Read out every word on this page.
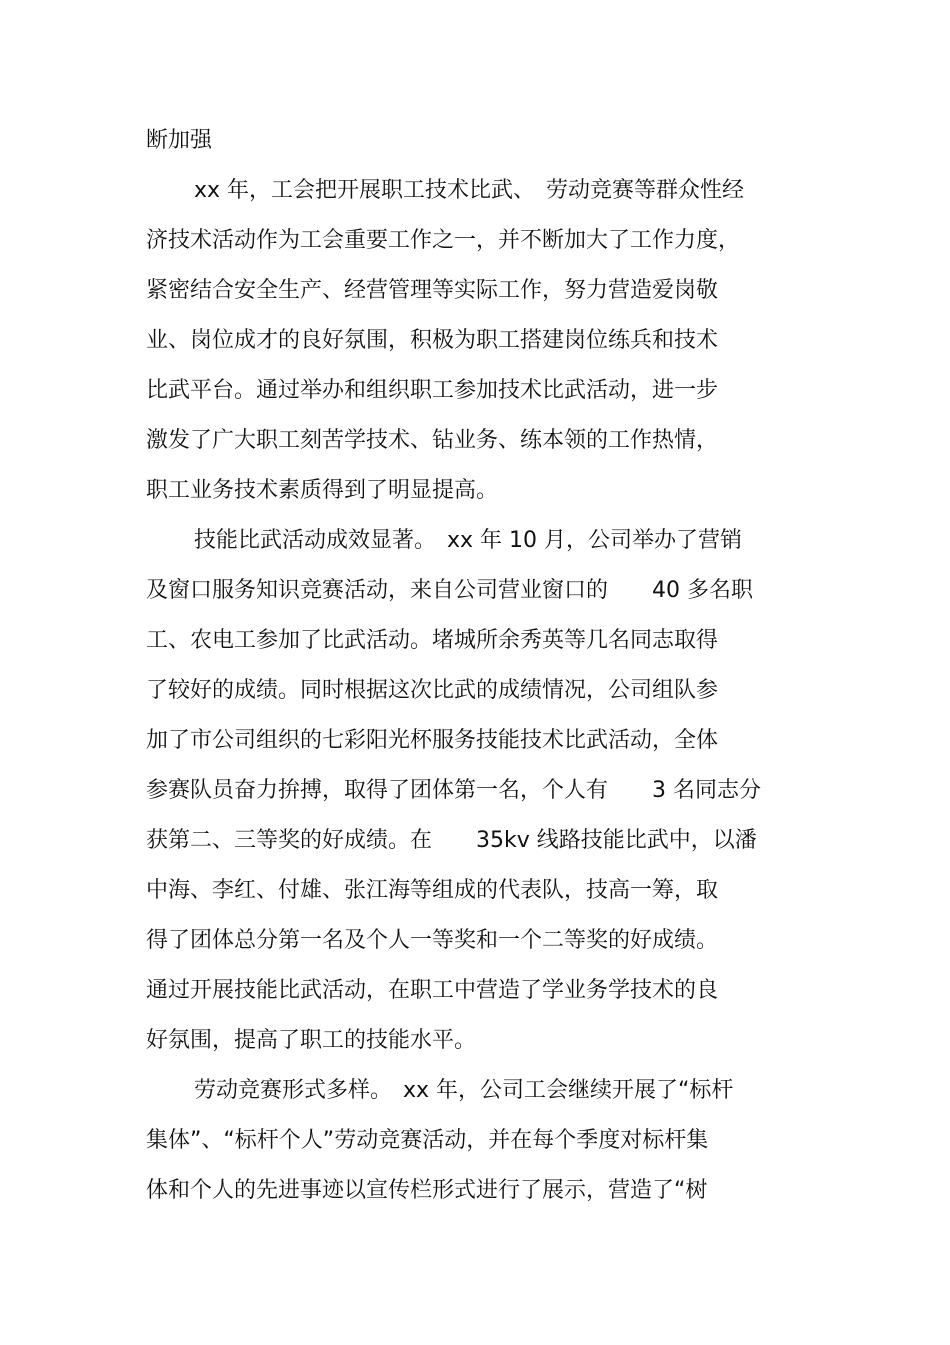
断加强
xx 年，工会把开展职工技术比武、　劳动竞赛等群众性经
济技术活动作为工会重要工作之一，并不断加大了工作力度，
紧密结合安全生产、经营管理等实际工作，努力营造爱岗敬
业、岗位成才的良好氛围，积极为职工搭建岗位练兵和技术
比武平台。通过举办和组织职工参加技术比武活动，进一步
激发了广大职工刻苦学技术、钻业务、练本领的工作热情，
职工业务技术素质得到了明显提高。
技能比武活动成效显著。　xx 年 10 月，公司举办了营销
及窗口服务知识竞赛活动，来自公司营业窗口的　　40 多名职
工、农电工参加了比武活动。堵城所余秀英等几名同志取得
了较好的成绩。同时根据这次比武的成绩情况，公司组队参
加了市公司组织的七彩阳光杯服务技能技术比武活动，全体
参赛队员奋力拚搏，取得了团体第一名，个人有　　3 名同志分
获第二、三等奖的好成绩。在　　35kv 线路技能比武中，以潘
中海、李红、付雄、张江海等组成的代表队，技高一筹，取
得了团体总分第一名及个人一等奖和一个二等奖的好成绩。
通过开展技能比武活动，在职工中营造了学业务学技术的良
好氛围，提高了职工的技能水平。
劳动竞赛形式多样。　xx 年，公司工会继续开展了“标杆
集体”、“标杆个人”劳动竞赛活动，并在每个季度对标杆集
体和个人的先进事迹以宣传栏形式进行了展示，营造了“树
